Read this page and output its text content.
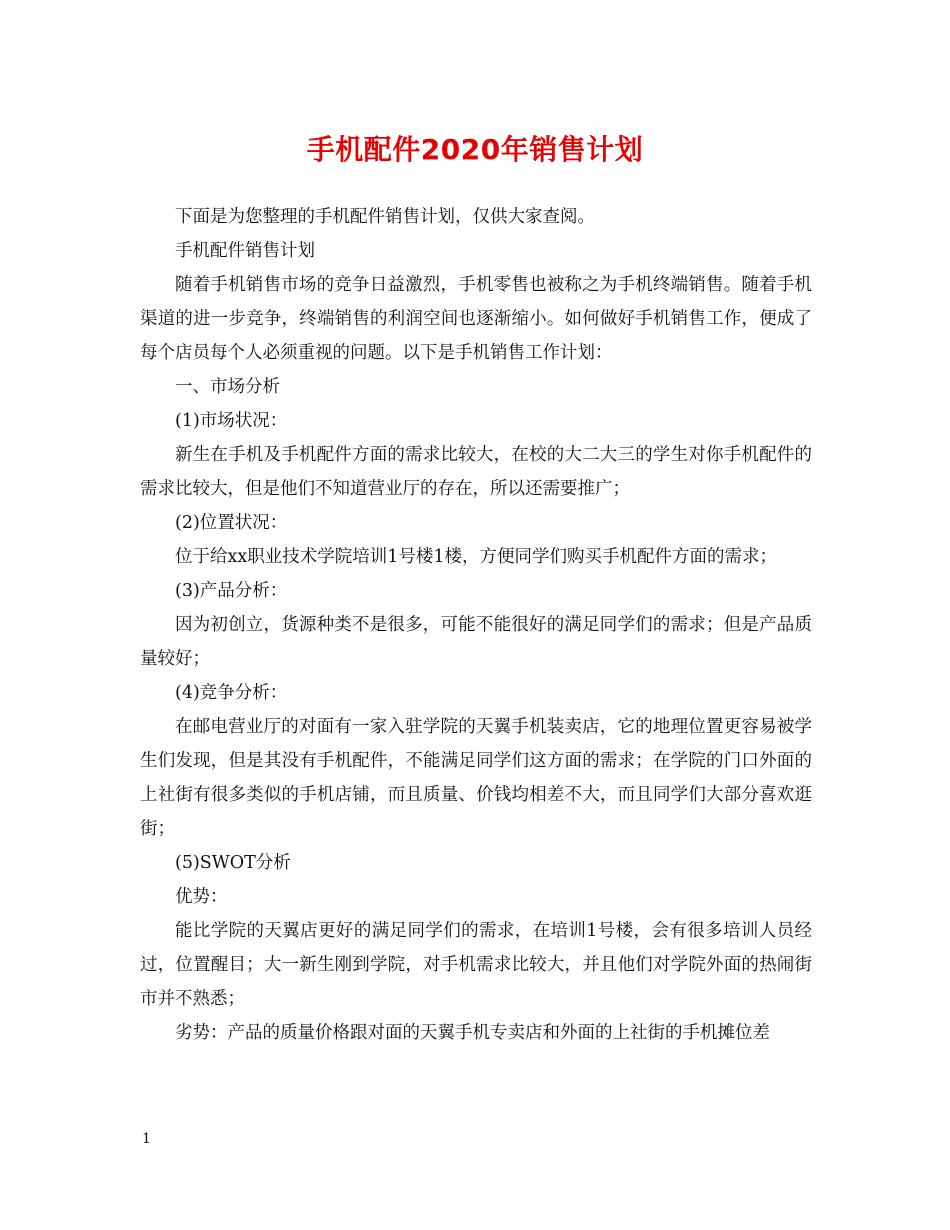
手机配件2020年销售计划

下面是为您整理的手机配件销售计划，仅供大家查阅。

手机配件销售计划

随着手机销售市场的竞争日益激烈，手机零售也被称之为手机终端销售。随着手机渠道的进一步竞争，终端销售的利润空间也逐渐缩小。如何做好手机销售工作，便成了每个店员每个人必须重视的问题。以下是手机销售工作计划：

一、市场分析

(1)市场状况：

新生在手机及手机配件方面的需求比较大，在校的大二大三的学生对你手机配件的需求比较大，但是他们不知道营业厅的存在，所以还需要推广；

(2)位置状况：

位于给xx职业技术学院培训1号楼1楼，方便同学们购买手机配件方面的需求；

(3)产品分析：

因为初创立，货源种类不是很多，可能不能很好的满足同学们的需求；但是产品质量较好；

(4)竞争分析：

在邮电营业厅的对面有一家入驻学院的天翼手机装卖店，它的地理位置更容易被学生们发现，但是其没有手机配件，不能满足同学们这方面的需求；在学院的门口外面的上社街有很多类似的手机店铺，而且质量、价钱均相差不大，而且同学们大部分喜欢逛街；

(5)SWOT分析

优势：

能比学院的天翼店更好的满足同学们的需求，在培训1号楼，会有很多培训人员经过，位置醒目；大一新生刚到学院，对手机需求比较大，并且他们对学院外面的热闹街市并不熟悉；

劣势：产品的质量价格跟对面的天翼手机专卖店和外面的上社街的手机摊位差

1
